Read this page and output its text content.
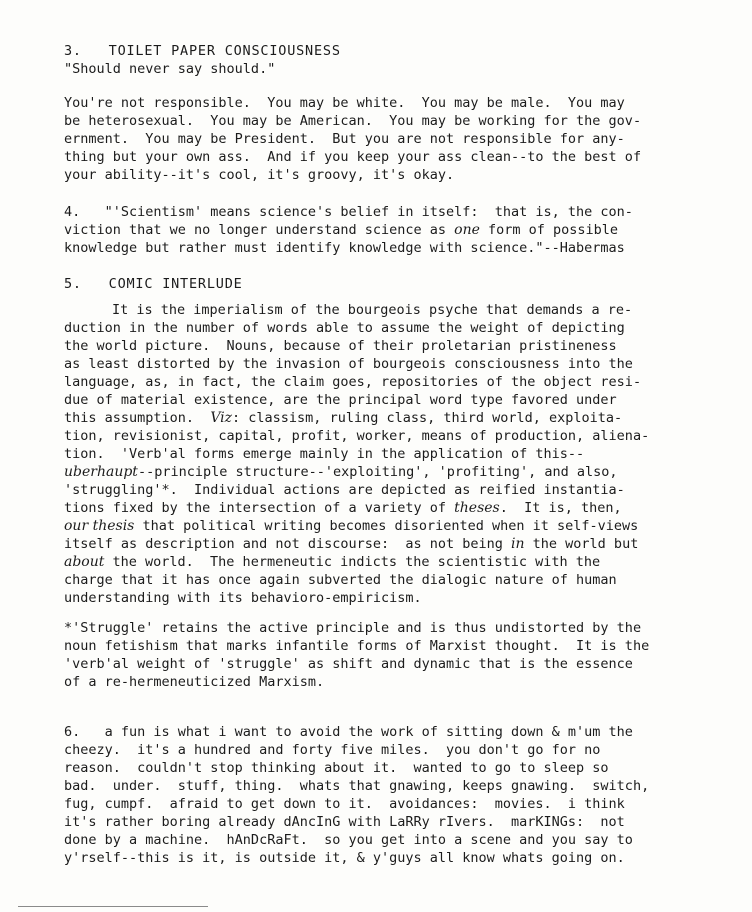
3.   TOILET PAPER CONSCIOUSNESS
"Should never say should."
You're not responsible.  You may be white.  You may be male.  You may
be heterosexual.  You may be American.  You may be working for the gov-
ernment.  You may be President.  But you are not responsible for any-
thing but your own ass.  And if you keep your ass clean--to the best of
your ability--it's cool, it's groovy, it's okay.
4.   "'Scientism' means science's belief in itself:  that is, the con-
viction that we no longer understand science as one form of possible
knowledge but rather must identify knowledge with science."--Habermas
5.   COMIC INTERLUDE
It is the imperialism of the bourgeois psyche that demands a re-
duction in the number of words able to assume the weight of depicting
the world picture.  Nouns, because of their proletarian pristineness
as least distorted by the invasion of bourgeois consciousness into the
language, as, in fact, the claim goes, repositories of the object resi-
due of material existence, are the principal word type favored under
this assumption.  Viz: classism, ruling class, third world, exploita-
tion, revisionist, capital, profit, worker, means of production, aliena-
tion.  'Verb'al forms emerge mainly in the application of this--
uberhaupt--principle structure--'exploiting', 'profiting', and also,
'struggling'*.  Individual actions are depicted as reified instantia-
tions fixed by the intersection of a variety of theses.  It is, then,
our thesis that political writing becomes disoriented when it self-views
itself as description and not discourse:  as not being in the world but
about the world.  The hermeneutic indicts the scientistic with the
charge that it has once again subverted the dialogic nature of human
understanding with its behavioro-empiricism.
*'Struggle' retains the active principle and is thus undistorted by the
noun fetishism that marks infantile forms of Marxist thought.  It is the
'verb'al weight of 'struggle' as shift and dynamic that is the essence
of a re-hermeneuticized Marxism.
6.   a fun is what i want to avoid the work of sitting down & m'um the
cheezy.  it's a hundred and forty five miles.  you don't go for no
reason.  couldn't stop thinking about it.  wanted to go to sleep so
bad.  under.  stuff, thing.  whats that gnawing, keeps gnawing.  switch,
fug, cumpf.  afraid to get down to it.  avoidances:  movies.  i think
it's rather boring already dAncInG with LaRRy rIvers.  marKINGs:  not
done by a machine.  hAnDcRaFt.  so you get into a scene and you say to
y'rself--this is it, is outside it, & y'guys all know whats going on.
